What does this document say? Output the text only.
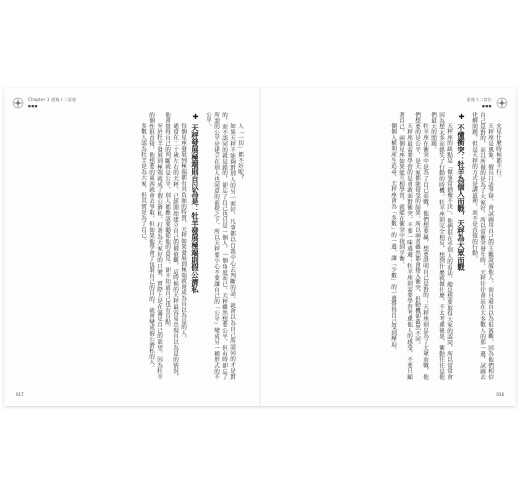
Chapter 1 透視十二星座
■■■

人「一切」都不好呢？

如果天秤不能夠對別人的另一面好，凡事都以自我中心去判斷的話，就會以為自己所認同的才是對的，而不認同的就是錯的，卻忘了自己也只是一個人，一個角度而已。天秤雖然想要公平，但有時卻忘了所謂的公平是建立在別人也同意的前提之下，所以天秤要小心不要讓自己的「公平」變成另一種形式的不公平。

✚天秤發展極端則自以為是：牡羊發展極端則假公濟私

每個星座發展到極端都有其負面的特質，天秤如果發展到極端就會成為自以為是的人。

通常在二十歲左右的天秤，已經開始建立自己的價值觀，這時候的天秤最容易出現自以為是的情況，他會覺得自己的判斷就是公平，別人都應該要聽從他的意見，卻不知道自己也有盲點。

至於牡羊發展到極端就成了假公濟私，打著為大家好的口號，實際上是在滿足自己的欲望。因為牡羊的個性很直接，他想要的東西就會去爭取，但如果他學會了包裝自己的目的，就會變成假公濟私的人。

多數人認為牡羊是為大家，但其實是為了自己。

017
星座十二宮位
■■■

火星什麼時候都不行。

天秤座是風象，擅長口語爭辯，會試圖用自己的主觀說服他人，而且還自以為很客觀。因為他們相信自己是對的，而且所做的是為了大家好，所以當衝突發生時，天秤往往會站在大多數人的那一邊，試圖去化解問題，但是天秤的方式是講道理，而不是直接的行動。

✚不懂衝突：牡羊為個人而戰，天秤為大眾而戰

天秤座的缺點是「做事常猶豫不決」，他們很在乎別人的看法，總是想要取得大家的認同，所以常常會因為想太多而錯失了行動的時機。牡羊座則完全相反，想到什麼就做什麼，不太考慮後果，衝動往往是他們最大的問題。

牡羊座在衝突中是為了自己而戰，他們想要贏，想要證明自己是對的；天秤座則是為了大眾而戰，他們想要的是公平，是大家都能接受的結果。所以兩者雖然都會捲入衝突，但動機卻截然不同。

天秤座最需要學習的是勇敢面對衝突，不要一味逃避；牡羊座則需要學習考慮他人的感受，不要只顧著自己。兩個星座如果能互相學習，就能在衝突中找到平衡。

側個人權利產生追尋，天秤座會為「多數」的一邊，讓「少數」的一邊覺得自己受到壓迫。

016
